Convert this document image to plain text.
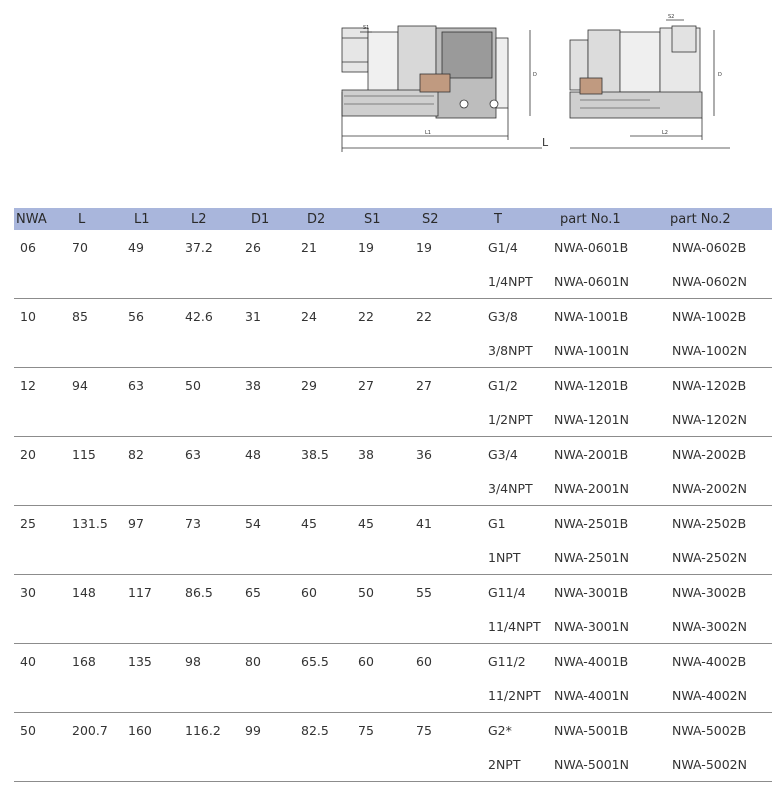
S1
S2
L1	L2
L
D	D
NWA	L	L1	L2	D1	D2	S1	S2	T	part No.1	part No.2
06	70	49	37.2	26	21	19	19	G1/4	NWA-0601B	NWA-0602B
								1/4NPT	NWA-0601N	NWA-0602N
10	85	56	42.6	31	24	22	22	G3/8	NWA-1001B	NWA-1002B
								3/8NPT	NWA-1001N	NWA-1002N
12	94	63	50	38	29	27	27	G1/2	NWA-1201B	NWA-1202B
								1/2NPT	NWA-1201N	NWA-1202N
20	115	82	63	48	38.5	38	36	G3/4	NWA-2001B	NWA-2002B
								3/4NPT	NWA-2001N	NWA-2002N
25	131.5	97	73	54	45	45	41	G1	NWA-2501B	NWA-2502B
								1NPT	NWA-2501N	NWA-2502N
30	148	117	86.5	65	60	50	55	G11/4	NWA-3001B	NWA-3002B
								11/4NPT	NWA-3001N	NWA-3002N
40	168	135	98	80	65.5	60	60	G11/2	NWA-4001B	NWA-4002B
								11/2NPT	NWA-4001N	NWA-4002N
50	200.7	160	116.2	99	82.5	75	75	G2*	NWA-5001B	NWA-5002B
								2NPT	NWA-5001N	NWA-5002N
